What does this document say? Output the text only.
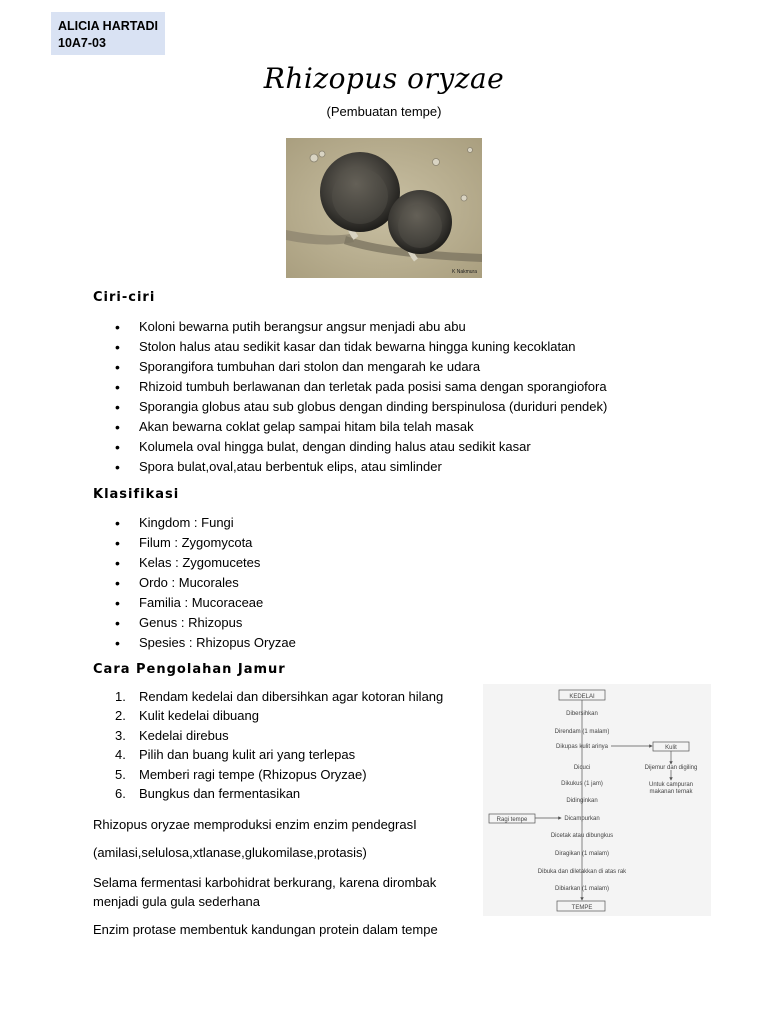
ALICIA HARTADI
10A7-03
Rhizopus oryzae
(Pembuatan tempe)
K Nakmura
Ciri-ciri
• Koloni bewarna putih berangsur angsur menjadi abu abu
• Stolon halus atau sedikit kasar dan tidak bewarna hingga kuning kecoklatan
• Sporangifora tumbuhan dari stolon dan mengarah ke udara
• Rhizoid tumbuh berlawanan dan terletak pada posisi sama dengan sporangiofora
• Sporangia globus atau sub globus dengan dinding berspinulosa (duriduri pendek)
• Akan bewarna coklat gelap sampai hitam bila telah masak
• Kolumela oval hingga bulat, dengan dinding halus atau sedikit kasar
• Spora bulat,oval,atau berbentuk elips, atau simlinder
Klasifikasi
• Kingdom : Fungi
• Filum : Zygomycota
• Kelas : Zygomucetes
• Ordo : Mucorales
• Familia : Mucoraceae
• Genus : Rhizopus
• Spesies : Rhizopus Oryzae
Cara Pengolahan Jamur
1. Rendam kedelai dan dibersihkan agar kotoran hilang
2. Kulit kedelai dibuang
3. Kedelai direbus
4. Pilih dan buang kulit ari yang terlepas
5. Memberi ragi tempe (Rhizopus Oryzae)
6. Bungkus dan fermentasikan
Rhizopus oryzae memproduksi enzim enzim pendegrasI
(amilasi,selulosa,xtlanase,glukomilase,protasis)
Selama fermentasi karbohidrat berkurang, karena dirombak menjadi gula gula sederhana
Enzim protase membentuk kandungan protein dalam tempe
KEDELAI
Dibersihkan
Direndam (1 malam)
Dikupas kulit arinya
Dicuci
Dikukus (1 jam)
Didinginkan
Dicampurkan
Dicetak atau dibungkus
Diragikan (1 malam)
Dibuka dan diletakkan di atas rak
Dibiarkan (1 malam)
TEMPE
Kulit
Dijemur dan digiling
Untuk campuran
makanan ternak
Ragi tempe
